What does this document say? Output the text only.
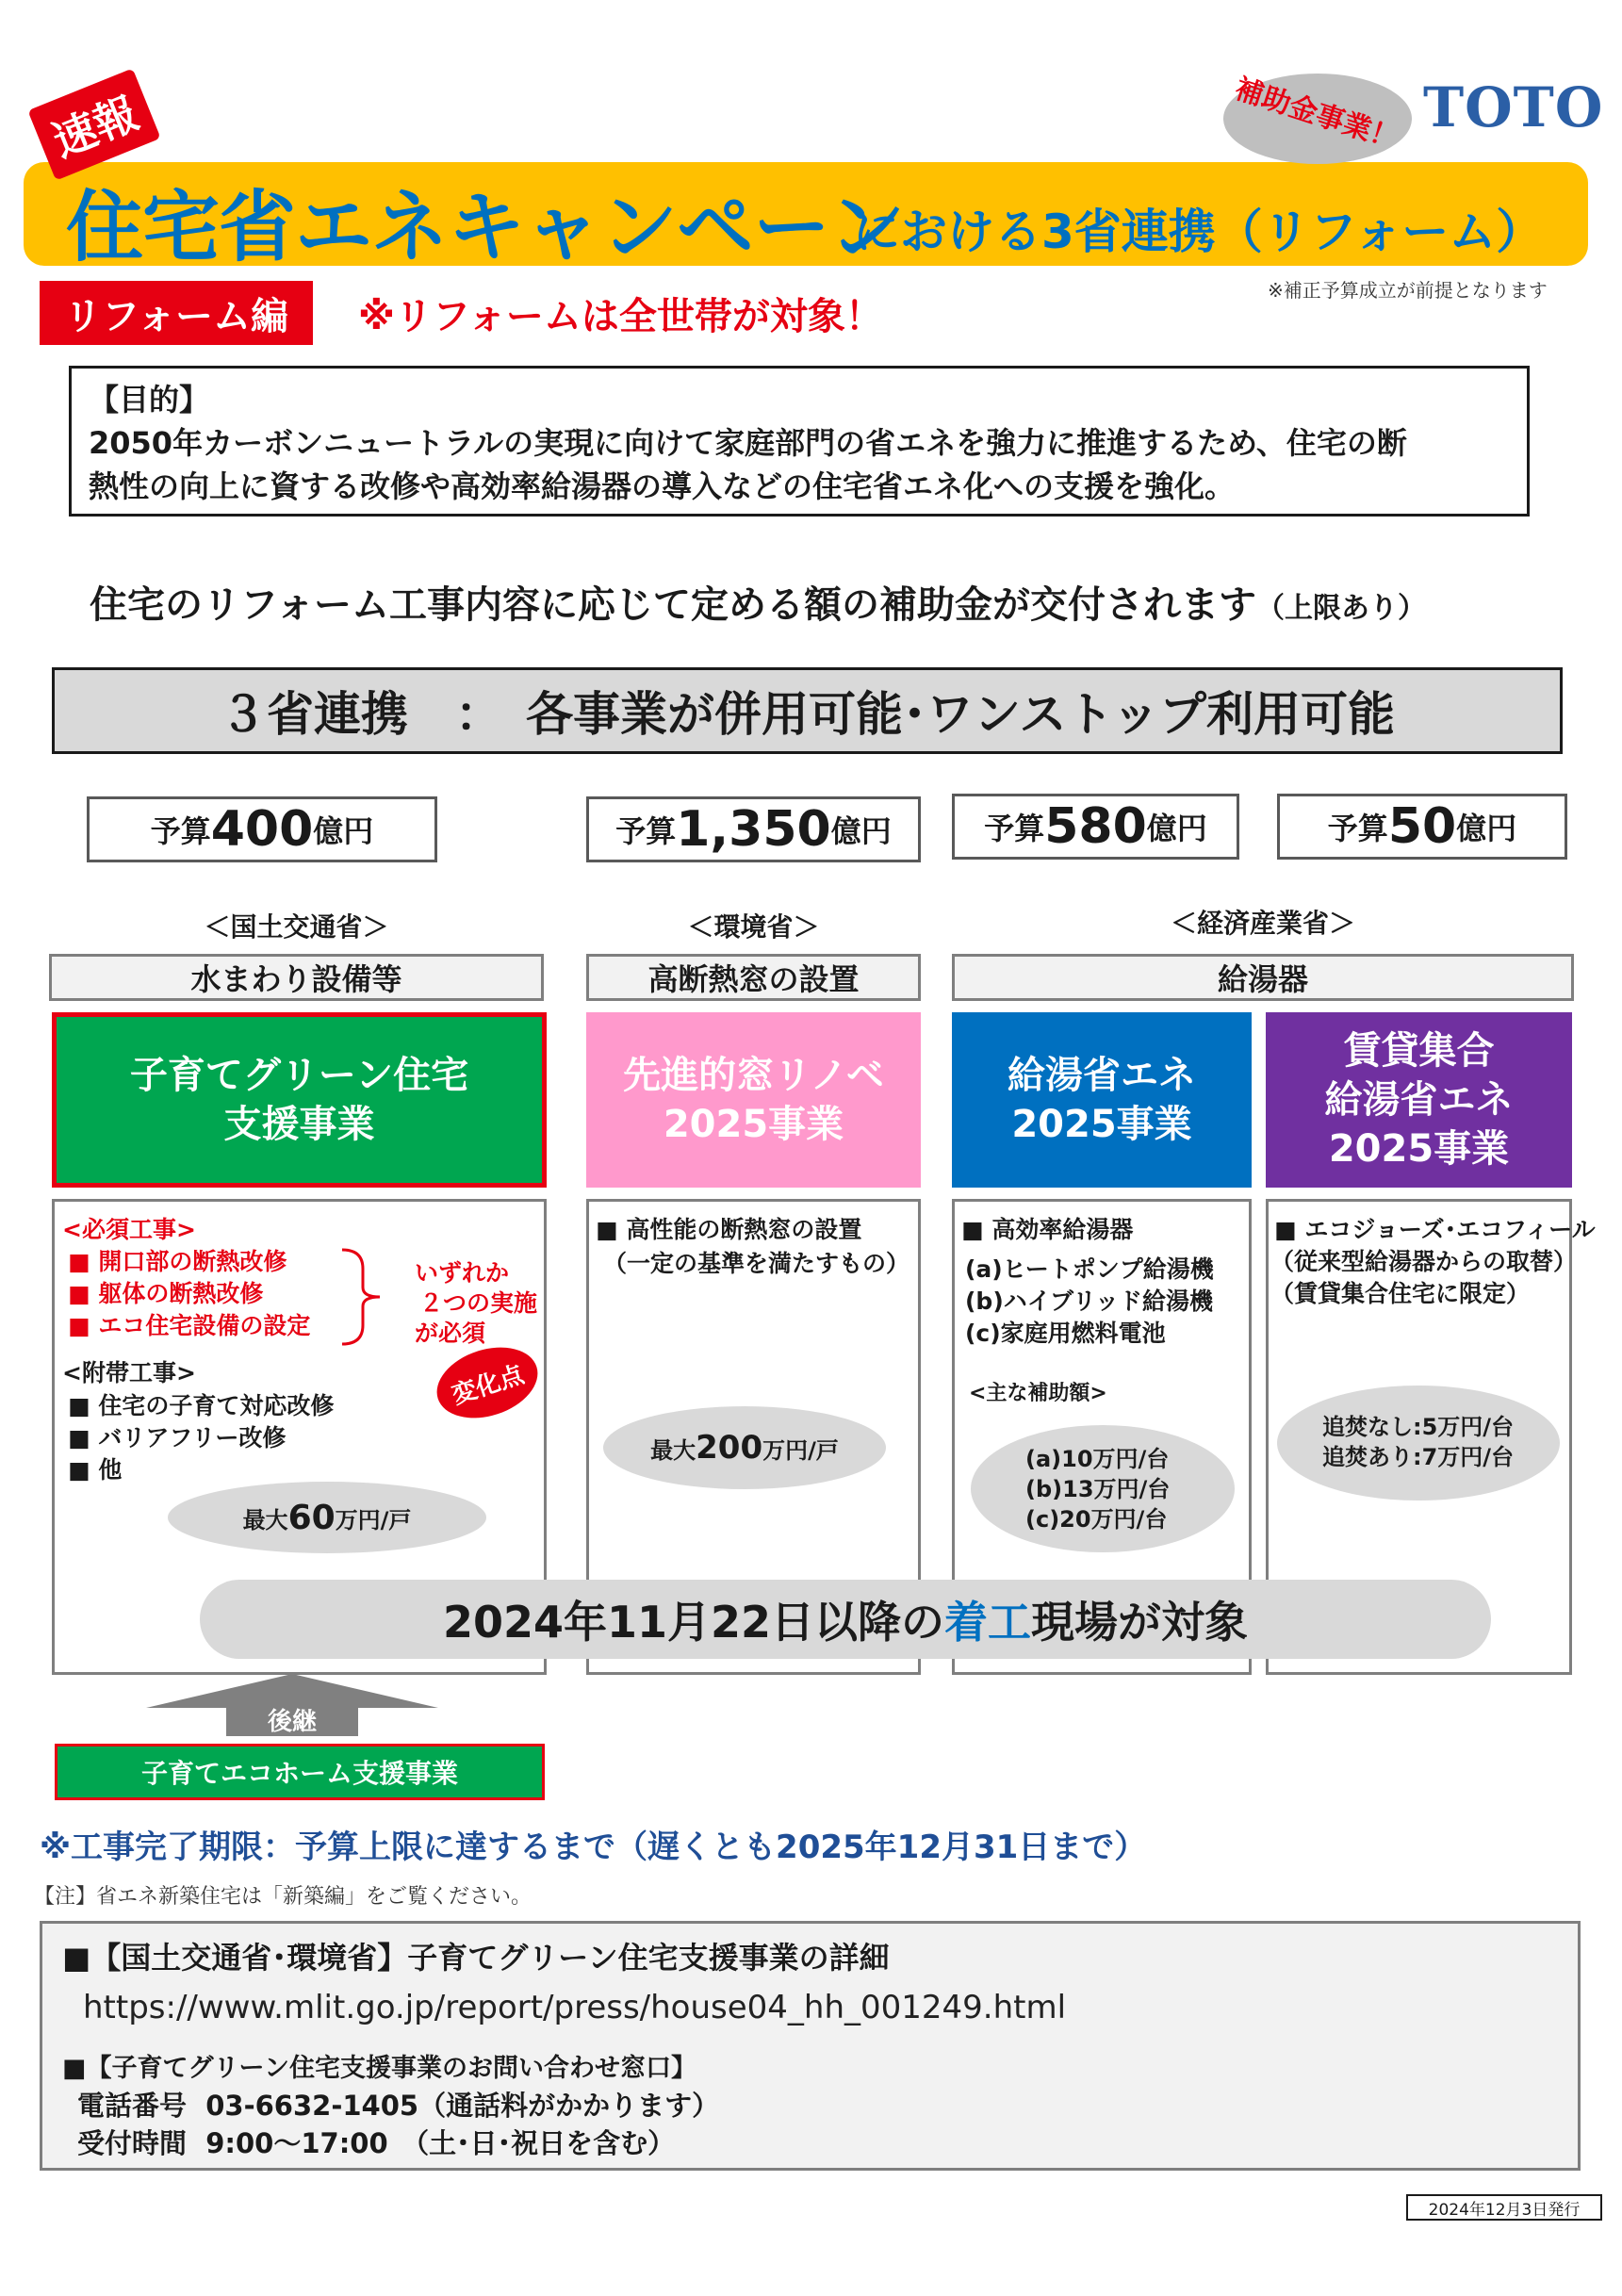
速報
住宅省エネキャンペーン
における3省連携（リフォーム）
補助金事業！ TOTO
※補正予算成立が前提となります
リフォーム編	※リフォームは全世帯が対象！
【目的】
2050年カーボンニュートラルの実現に向けて家庭部門の省エネを強力に推進するため、住宅の断
熱性の向上に資する改修や高効率給湯器の導入などの住宅省エネ化への支援を強化。
住宅のリフォーム工事内容に応じて定める額の補助金が交付されます（上限あり）
３省連携　：　各事業が併用可能･ワンストップ利用可能
予算 400 億円	予算 1,350 億円	予算 580 億円	予算 50 億円
＜国土交通省＞	＜環境省＞	＜経済産業省＞
水まわり設備等	高断熱窓の設置	給湯器
子育てグリーン住宅
支援事業
先進的窓リノベ
2025事業
給湯省エネ
2025事業
賃貸集合
給湯省エネ
2025事業
<必須工事>
■ 開口部の断熱改修
■ 躯体の断熱改修
■ エコ住宅設備の設定
いずれか
２つの実施
が必須
変化点
<附帯工事>
■ 住宅の子育て対応改修
■ バリアフリー改修
■ 他
最大 60 万円/戸
■ 高性能の断熱窓の設置
（一定の基準を満たすもの）
最大 200 万円/戸
■ 高効率給湯器
(a)ヒートポンプ給湯機
(b)ハイブリッド給湯機
(c)家庭用燃料電池
<主な補助額>
(a)10万円/台
(b)13万円/台
(c)20万円/台
■ エコジョーズ･エコフィール
（従来型給湯器からの取替）
（賃貸集合住宅に限定）
追焚なし:5万円/台
追焚あり:7万円/台
2024年11月22日以降の 着工 現場が対象
後継
子育てエコホーム支援事業
※工事完了期限：予算上限に達するまで（遅くとも2025年12月31日まで）
【注】省エネ新築住宅は「新築編」をご覧ください。
■【国土交通省･環境省】子育てグリーン住宅支援事業の詳細
https://www.mlit.go.jp/report/press/house04_hh_001249.html
■【子育てグリーン住宅支援事業のお問い合わせ窓口】
電話番号 03-6632-1405（通話料がかかります）
受付時間 9:00～17:00　（土･日･祝日を含む）
2024年12月3日発行
